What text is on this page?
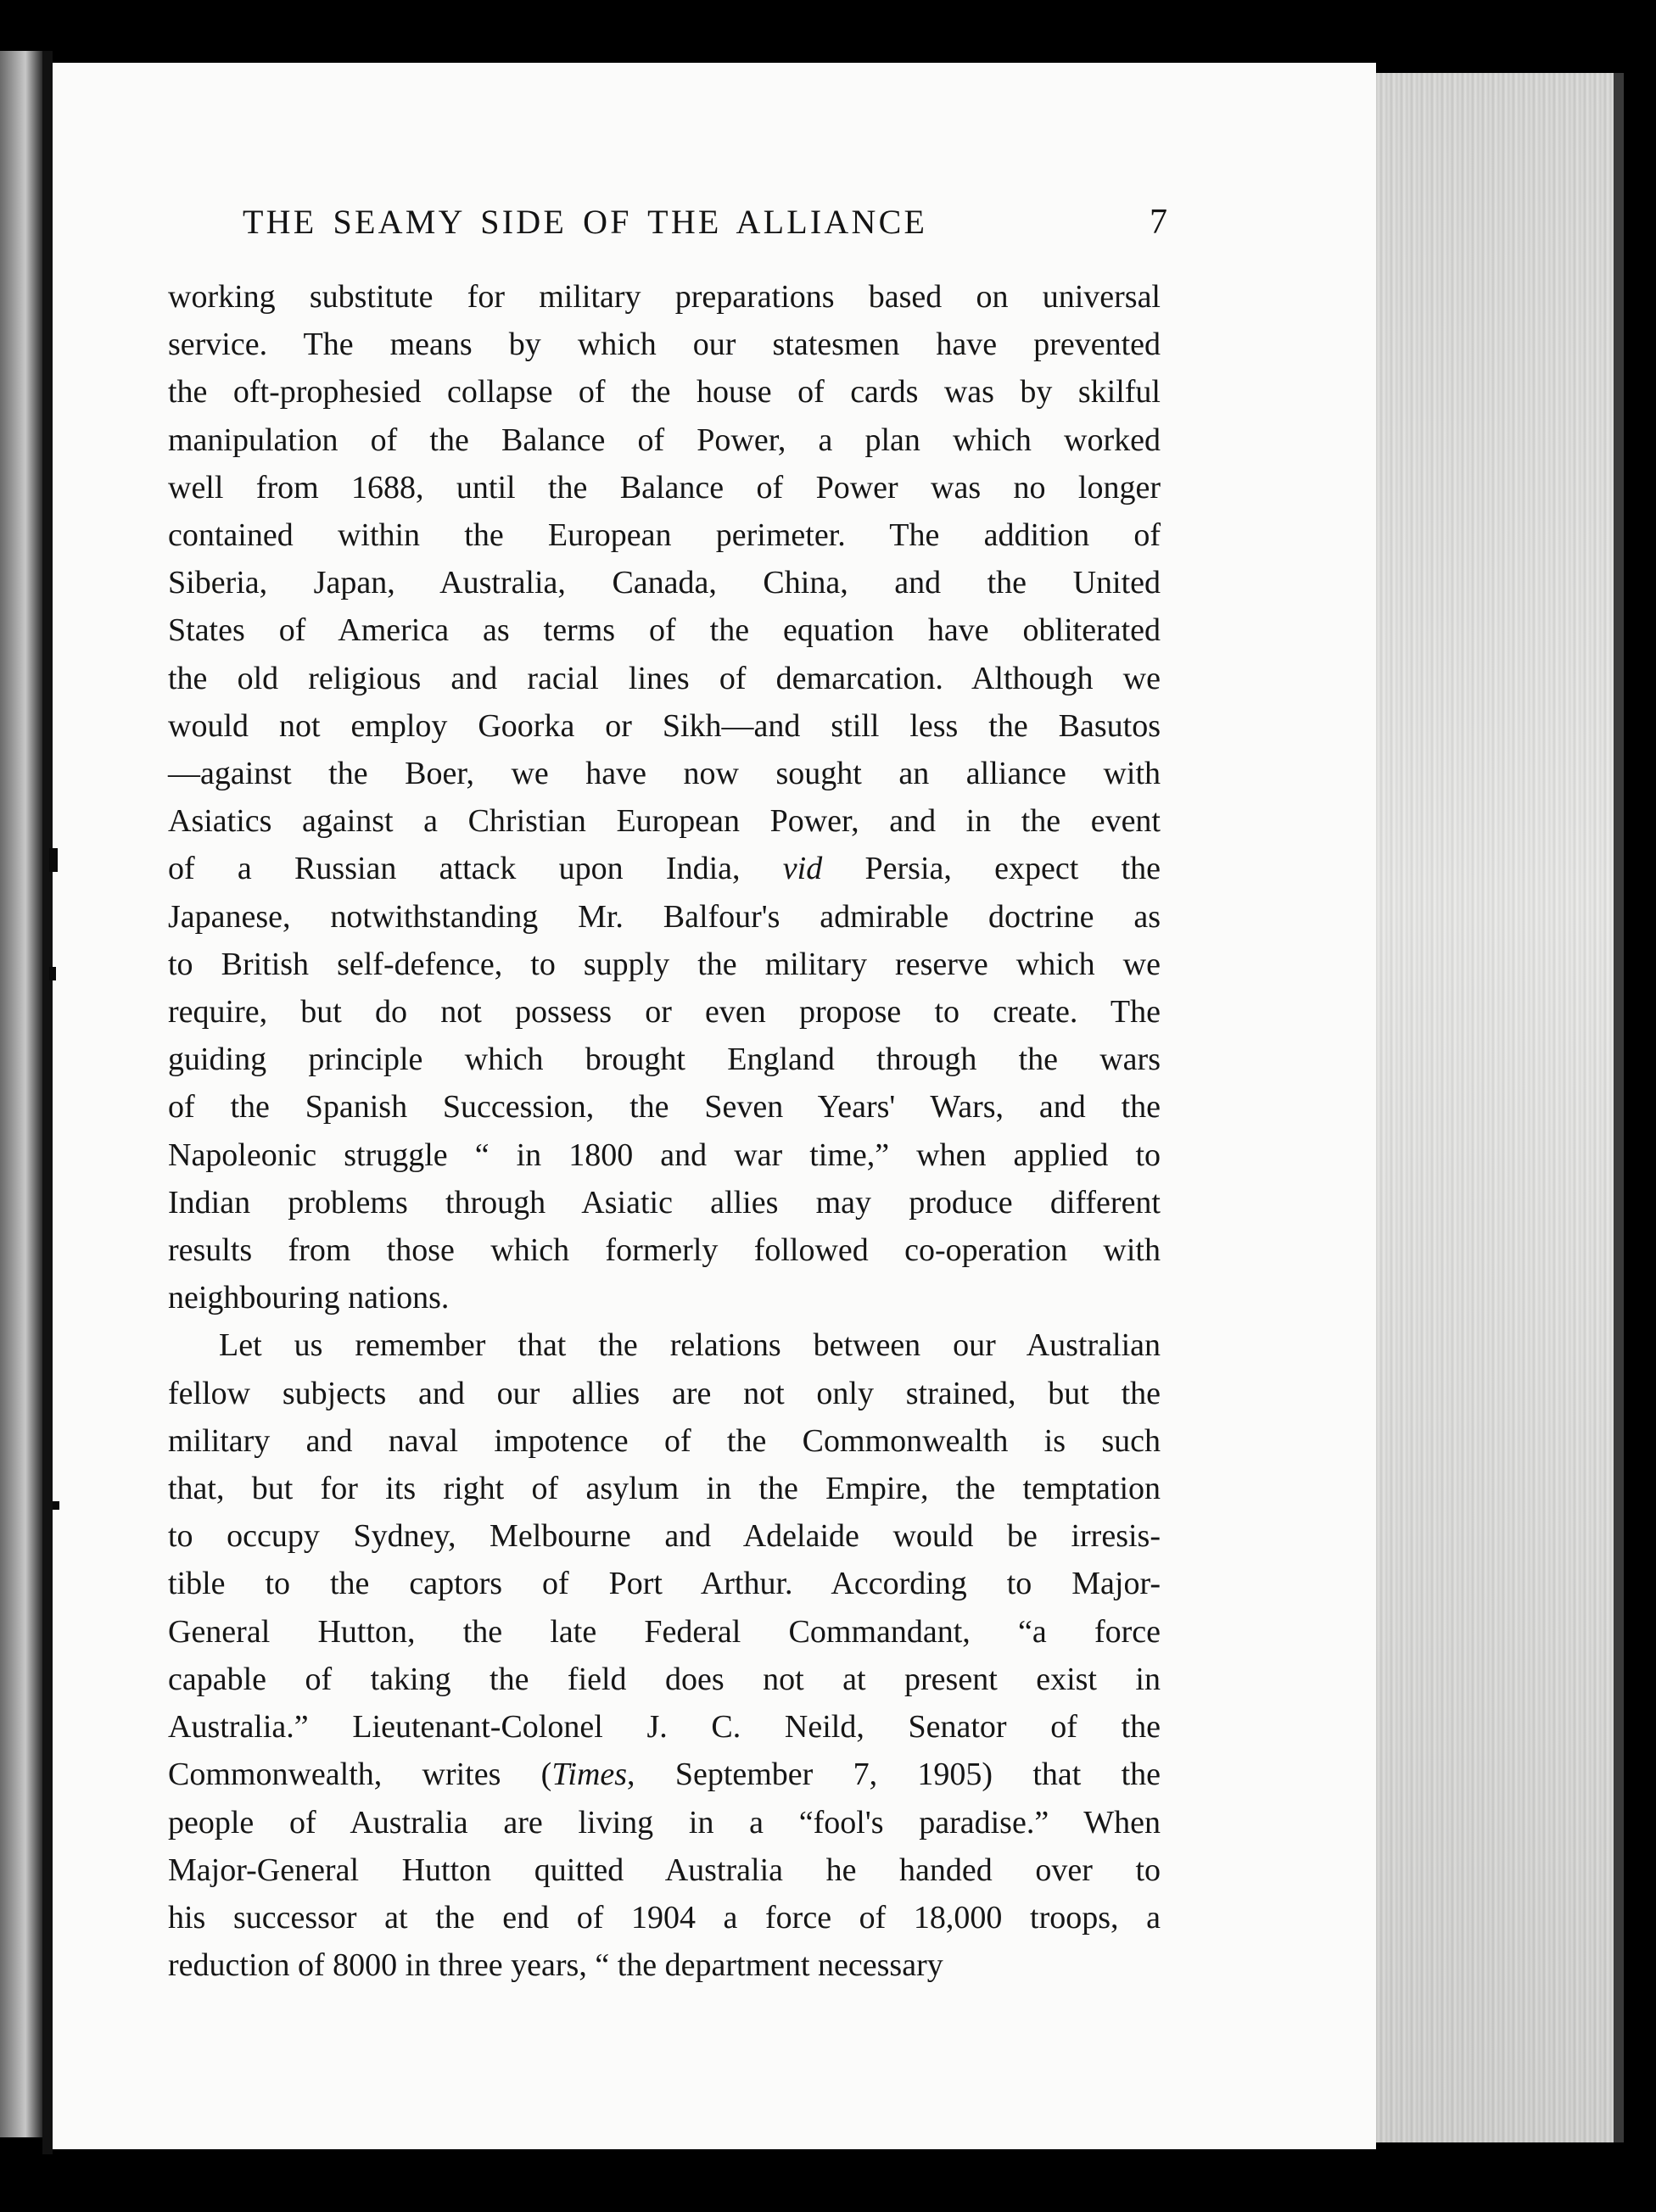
THE SEAMY SIDE OF THE ALLIANCE	7

working substitute for military preparations based on universal
service. The means by which our statesmen have prevented
the oft-prophesied collapse of the house of cards was by skilful
manipulation of the Balance of Power, a plan which worked
well from 1688, until the Balance of Power was no longer
contained within the European perimeter. The addition of
Siberia, Japan, Australia, Canada, China, and the United
States of America as terms of the equation have obliterated
the old religious and racial lines of demarcation. Although we
would not employ Goorka or Sikh—and still less the Basutos
—against the Boer, we have now sought an alliance with
Asiatics against a Christian European Power, and in the event
of a Russian attack upon India, vid Persia, expect the
Japanese, notwithstanding Mr. Balfour's admirable doctrine as
to British self-defence, to supply the military reserve which we
require, but do not possess or even propose to create. The
guiding principle which brought England through the wars
of the Spanish Succession, the Seven Years' Wars, and the
Napoleonic struggle “ in 1800 and war time,” when applied to
Indian problems through Asiatic allies may produce different
results from those which formerly followed co-operation with
neighbouring nations.

Let us remember that the relations between our Australian
fellow subjects and our allies are not only strained, but the
military and naval impotence of the Commonwealth is such
that, but for its right of asylum in the Empire, the temptation
to occupy Sydney, Melbourne and Adelaide would be irresis-
tible to the captors of Port Arthur. According to Major-
General Hutton, the late Federal Commandant, “a force
capable of taking the field does not at present exist in
Australia.” Lieutenant-Colonel J. C. Neild, Senator of the
Commonwealth, writes (Times, September 7, 1905) that the
people of Australia are living in a “fool's paradise.” When
Major-General Hutton quitted Australia he handed over to
his successor at the end of 1904 a force of 18,000 troops, a
reduction of 8000 in three years, “ the department necessary
